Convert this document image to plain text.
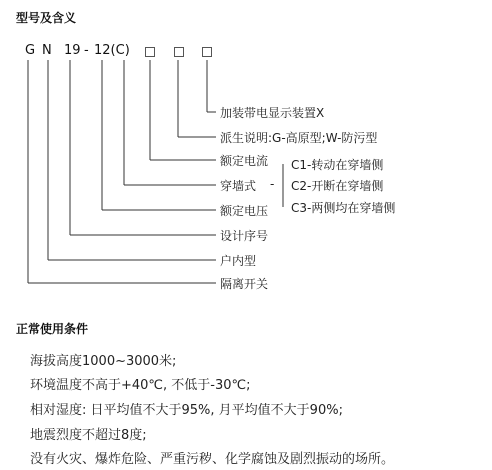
型号及含义
G N 19 - 12(C)
加装带电显示装置X
派生说明:G-高原型;W-防污型
额定电流
穿墙式 -
额定电压
设计序号
户内型
隔离开关
C1-转动在穿墙侧
C2-开断在穿墙侧
C3-两侧均在穿墙侧
正常使用条件
海拔高度1000~3000米;
环境温度不高于+40℃, 不低于-30℃;
相对湿度: 日平均值不大于95%, 月平均值不大于90%;
地震烈度不超过8度;
没有火灾、爆炸危险、严重污秽、化学腐蚀及剧烈振动的场所。
